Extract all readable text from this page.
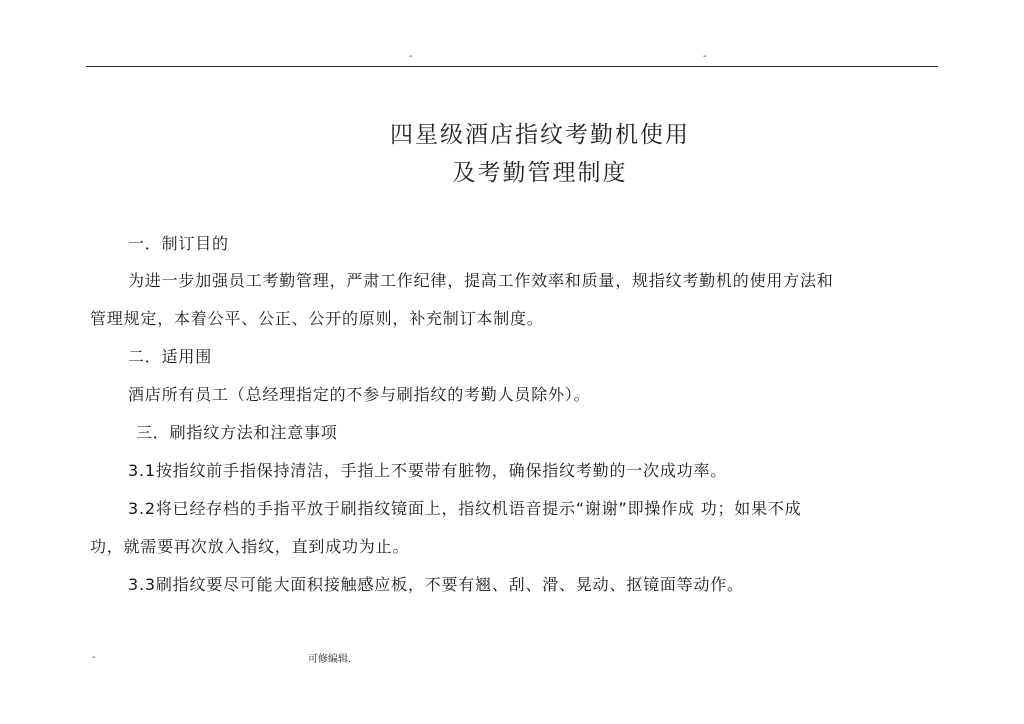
-	-
四星级酒店指纹考勤机使用
及考勤管理制度
一．制订目的
为进一步加强员工考勤管理，严肃工作纪律，提高工作效率和质量，规指纹考勤机的使用方法和
管理规定，本着公平、公正、公开的原则，补充制订本制度。
二．适用围
酒店所有员工（总经理指定的不参与刷指纹的考勤人员除外）。
三．刷指纹方法和注意事项
3.1按指纹前手指保持清洁，手指上不要带有脏物，确保指纹考勤的一次成功率。
3.2将已经存档的手指平放于刷指纹镜面上，指纹机语音提示“谢谢”即操作成 功；如果不成
功，就需要再次放入指纹，直到成功为止。
3.3刷指纹要尽可能大面积接触感应板，不要有翘、刮、滑、晃动、抠镜面等动作。
-	可修编辑.
